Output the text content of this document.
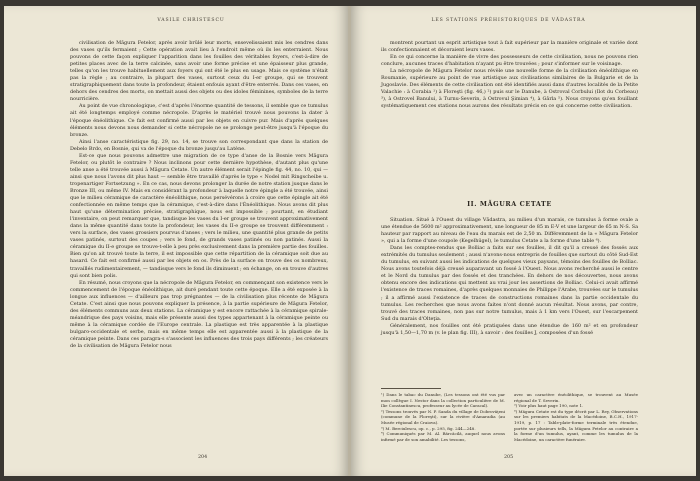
VASILE CHRISTESCU

civilisation de Măgura Fetelor, après avoir brûlé leur morts, ensevelissaient mis les cendres dans des vases qu'ils fermaient ; Cette opération avait lieu à l'endroit même où ils les enterraient. Nous pouvons de cette façon expliquer l'apparition dans les fouilles des véritables foyers, c'est-à-dire de petites places avec de la terre calcinée, sans avoir une forme précise et une épaisseur plus grande, telles qu'on les trouve habituellement aux foyers qui ont été le plus en usage. Mais ce système n'était pas la règle ; au contraire, la plupart des vases, surtout ceux du I-er groupe, qui se trouvent stratigraphiquement dans toute la profondeur, étaient enfouis ayant d'être enterrés. Dans ces vases, en dehors des cendres des morts, on mettait aussi des objets ou des idoles féminines, symboles de la terre nourricière.

Au point de vue chronologique, c'est d'après l'énorme quantité de tessons, il semble que ce tumulus ait été longtemps employé comme nécropole. D'après le matériel trouvé nous pouvons la dater à l'époque énéolithique. Ce fait est confirmé aussi par les objets en cuivre pur. Mais d'après quelques éléments nous devons nous demander si cette nécropole ne se prolonge peut-être jusqu'à l'époque du bronze.

Ainsi l'anse caractéristique fig. 29, no. 14, se trouve son correspondant que dans la station de Debelo Brdo, en Bosnie, qui va de l'époque du bronze jusqu'au Latène.

Est-ce que nous pouvons admettre une migration de ce type d'anse de la Bosnie vers Măgura Fetelor, ou plutôt le contraire ? Nous inclinons pour cette dernière hypothèse, d'autant plus qu'une telle anse a été trouvée aussi à Măgura Cetate. Un autre élément serait l'épingle fig. 44, no. 10, qui — ainsi que nous l'avons dit plus haut — semble être travaillé d'après le type « Nodel mit Ringscheibe u. tropenartiger Fortsetzung ». En ce cas, nous devons prolonger la durée de notre station jusque dans le Bronze III, ou même IV. Mais en considérant la profondeur à laquelle notre épingle a été trouvée, ainsi que le milieu céramique de caractère énéolithique, nous persévérons à croire que cette épingle ait été confectionnée en même temps que la céramique, c'est-à-dire dans l'Énéolithique. Nous avons dit plus haut qu'une détermination précise, stratigraphique, nous est impossible ; pourtant, en étudiant l'inventaire, on peut remarquer que, tandisque les vases du I-er groupe se trouvent approximativement dans la même quantité dans toute la profondeur, les vases du II-e groupe se trouvent différemment : vers la surface, des vases grossiers pourvus d'anses ; vers le milieu, une quantité plus grande de petits vases patinés, surtout des coupes ; vers le fond, de grands vases patinés ou non patinés. Aussi la céramique du II-e groupe se trouve-t-elle à peu près exclusivement dans la première partie des fouilles. Bien qu'on ait trouvé toute la terre, il est impossible que cette répartition de la céramique soit due au hasard. Ce fait est confirmé aussi par les objets en os. Près de la surface on trouve des os nombreux, travaillés rudimentairement, — tandisque vers le fond ils diminuent ; en échange, on en trouve d'autres qui sont bien polis.

En résumé, nous croyons que la nécropole de Măgura Fetelor, en commençant son existence vers le commencement de l'époque énéolithique, ait duré pendant toute cette époque. Elle a été exposée à la longue aux influences — d'ailleurs pas trop prégnantes — de la civilisation plus récente de Măgura Cetate. C'est ainsi que nous pouvons expliquer la présence, à la partie supérieure de Măgura Fetelor, des éléments communs aux deux stations. La céramique y est encore rattachée à la céramique spirale-méandrique des pays voisins, mais elle présente aussi des types appartenant à la céramique peinte ou même à la céramique cordée de l'Europe centrale. La plastique est très apparentée à la plastique bulgaro-occidentale et serbe, mais en même temps elle est apparentée aussi à la plastique de la céramique peinte. Dans ces paragra-s s'associent les influences des trois pays différents ; les créateurs de la civilisation de Măgura Fetelor nous

204
LES STATIONS PRÉHISTORIQUES DE VĂDASTRA

montrent pourtant un esprit artistique tout à fait supérieur par la manière originale et variée dont ils confectionnaient et décoraient leurs vases.

En ce qui concerne la manière de vivre des possesseurs de cette civilisation, nous ne pouvons rien conclure, aucunes traces d'habitation n'ayant pu être trouvées ; pour s'informer sur le voisinage.

La nécropole de Măgura Fetelor nous révèle une nouvelle forme de la civilisation énéolithique en Roumanie, supérieure au point de vue artistique aux civilisations similaires de la Bulgarie et de la Jugoslavie. Des éléments de cette civilisation ont été identifiés aussi dans d'autres localités de la Petite Valachie : à Corabia ¹) à Floreşti (fig. 46,) ²) puis sur le Danube, à Ostroval Corbului (Ilot du Corbeau) ³), à Ostrovel Banului, à Turnu-Severin, à Ostrovul Şimian ⁴), à Gârla ⁵). Nous croyons qu'en fouillant systématiquement ces stations nous aurons des résultats précis en ce qui concerne cette civilisation.

II. MĂGURA CETATE

Situation. Situé à l'Ouest du village Vădastra, au milieu d'un marais, ce tumulus à forme ovale a une étendue de 5600 m² approximativement, une longueur de 85 m E-V et une largeur de 65 m N-S. Sa hauteur par rapport au niveau de l'eau du marais est de 2,50 m. Différemment de la « Măgura Fetelor », qui a la forme d'une coupole (Kegelhügel), le tumulus Cetate a la forme d'une table ⁶).

Dans les comptes-rendus que Bolliac a faits sur ses fouilles, il dit qu'il a creusé des fossés aux extrémités du tumulus seulement ; aussi n'avons-nous entrepris de fouilles que surtout du côté Sud-Est du tumulus, en suivant aussi les indications de quelques vieux paysans, témoins des fouilles de Bolliac. Nous avons toutefois déjà creusé auparavant un fossé à l'Ouest. Nous avons recherché aussi le centre et le Nord du tumulus par des fossés et des tranchées. En dehors de nos découvertes, nous avons obtenu encore des indications qui mettent au vrai jour les assertions de Bolliac. Celui-ci avait affirmé l'existence de traces romaines, d'après quelques monnaies de Philippe l'Arabe, trouvées sur le tumulus ; il a affirmé aussi l'existence de traces de constructions romaines dans la partie occidentale du tumulus. Les recherches que nous avons faites n'ont donné aucun résultat. Nous avons, par contre, trouvé des traces romaines, non pas sur notre tumulus, mais à 1 km vers l'Ouest, sur l'escarpement Sud du marais d'Olteţia.

Généralement, nos fouilles ont été pratiquées dans une étendue de 160 m² et en profondeur jusqu'à 1,50—1,70 m (v. le plan fig. III), à savoir : des fouilles J, composées d'un fossé

¹) Dans le tabac du Danube, (Les tessons ont été vus par mon collègue I. Nestor dans la collection particulière de M. Ilie Constantinescu, professeur au lycée de Caracal).

²) Tessons trouvés par N. P. Sanda du village de Dobrovăţeni (commune de la Floreşti), sur la rivière d'Amaradia (au Musée régional de Craiova).

³) M. Berciulescu, op. c., p. 295, fig. 244—248.

⁴) Communiqués par M. Al. Bărcăcilă, auquel nous avons infirmé par de son amabilité. Les tessons,

avec un caractère énéolithique, se trouvent au Musée régional de T. Severin.

⁵) Voir plus haut page 190, note 1.

⁶) Măgura Cetate est du type décrit par L. Rey, Observations sur les premiers habitats de la Macédoine, B.C.H., 1917-1919, p. 17 : Table-plate-forme terminale très étendue, portée sur plusieurs tells, la Măgura Fetelor au contraire a la forme d'un tumulus, ayant, comme les tumulus de la Macédoine, un caractère funéraire.

205
